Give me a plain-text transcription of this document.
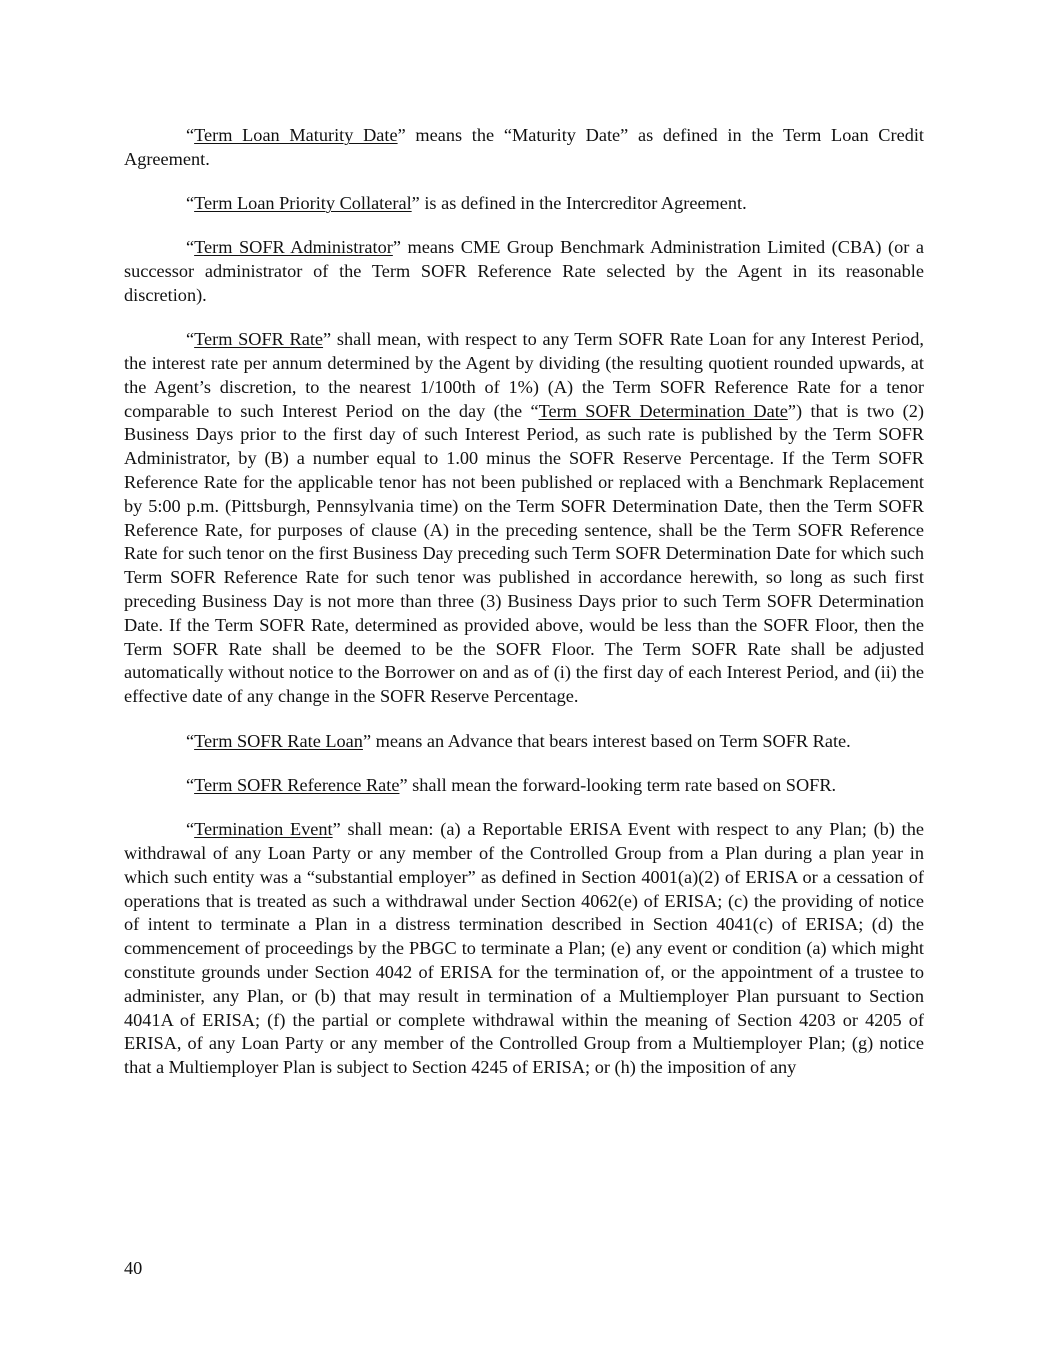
“Term Loan Maturity Date” means the “Maturity Date” as defined in the Term Loan Credit Agreement.

“Term Loan Priority Collateral” is as defined in the Intercreditor Agreement.

“Term SOFR Administrator” means CME Group Benchmark Administration Limited (CBA) (or a successor administrator of the Term SOFR Reference Rate selected by the Agent in its reasonable discretion).

“Term SOFR Rate” shall mean, with respect to any Term SOFR Rate Loan for any Interest Period, the interest rate per annum determined by the Agent by dividing (the resulting quotient rounded upwards, at the Agent’s discretion, to the nearest 1/100th of 1%) (A) the Term SOFR Reference Rate for a tenor comparable to such Interest Period on the day (the “Term SOFR Determination Date”) that is two (2) Business Days prior to the first day of such Interest Period, as such rate is published by the Term SOFR Administrator, by (B) a number equal to 1.00 minus the SOFR Reserve Percentage. If the Term SOFR Reference Rate for the applicable tenor has not been published or replaced with a Benchmark Replacement by 5:00 p.m. (Pittsburgh, Pennsylvania time) on the Term SOFR Determination Date, then the Term SOFR Reference Rate, for purposes of clause (A) in the preceding sentence, shall be the Term SOFR Reference Rate for such tenor on the first Business Day preceding such Term SOFR Determination Date for which such Term SOFR Reference Rate for such tenor was published in accordance herewith, so long as such first preceding Business Day is not more than three (3) Business Days prior to such Term SOFR Determination Date. If the Term SOFR Rate, determined as provided above, would be less than the SOFR Floor, then the Term SOFR Rate shall be deemed to be the SOFR Floor. The Term SOFR Rate shall be adjusted automatically without notice to the Borrower on and as of (i) the first day of each Interest Period, and (ii) the effective date of any change in the SOFR Reserve Percentage.

“Term SOFR Rate Loan” means an Advance that bears interest based on Term SOFR Rate.

“Term SOFR Reference Rate” shall mean the forward-looking term rate based on SOFR.

“Termination Event” shall mean: (a) a Reportable ERISA Event with respect to any Plan; (b) the withdrawal of any Loan Party or any member of the Controlled Group from a Plan during a plan year in which such entity was a “substantial employer” as defined in Section 4001(a)(2) of ERISA or a cessation of operations that is treated as such a withdrawal under Section 4062(e) of ERISA; (c) the providing of notice of intent to terminate a Plan in a distress termination described in Section 4041(c) of ERISA; (d) the commencement of proceedings by the PBGC to terminate a Plan; (e) any event or condition (a) which might constitute grounds under Section 4042 of ERISA for the termination of, or the appointment of a trustee to administer, any Plan, or (b) that may result in termination of a Multiemployer Plan pursuant to Section 4041A of ERISA; (f) the partial or complete withdrawal within the meaning of Section 4203 or 4205 of ERISA, of any Loan Party or any member of the Controlled Group from a Multiemployer Plan; (g) notice that a Multiemployer Plan is subject to Section 4245 of ERISA; or (h) the imposition of any

40
